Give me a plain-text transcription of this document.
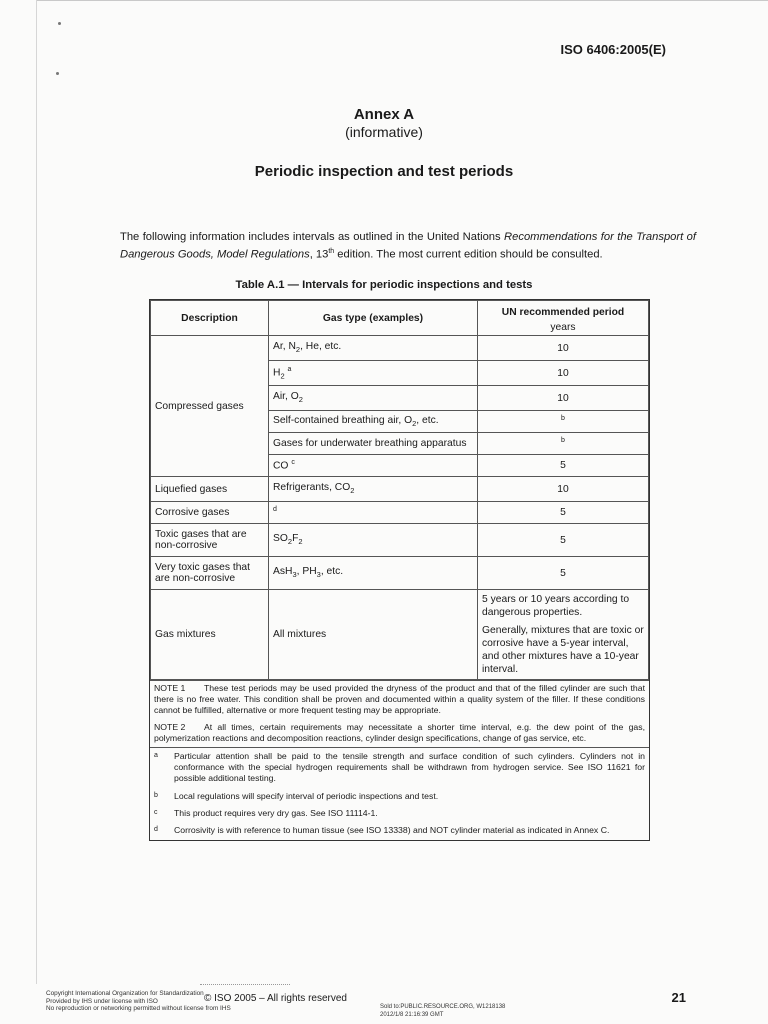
ISO 6406:2005(E)
Annex A
(informative)
Periodic inspection and test periods
The following information includes intervals as outlined in the United Nations Recommendations for the Transport of Dangerous Goods, Model Regulations, 13th edition. The most current edition should be consulted.
Table A.1 — Intervals for periodic inspections and tests
Description	Gas type (examples)	UN recommended period
		years
Compressed gases	Ar, $N_2$, He, etc.	10
	$H_2$ $^a$	10
	Air, $O_2$	10
	Self-contained breathing air, $O_2$, etc.	$^b$
	Gases for underwater breathing apparatus	$^b$
	CO $^c$	5
Liquefied gases	Refrigerants, $CO_2$	10
Corrosive gases	$^d$	5
Toxic gases that are non-corrosive	$SO_2F_2$	5
Very toxic gases that are non-corrosive	AsH$_3$, $PH_3$, etc.	5
Gas mixtures	All mixtures	5 years or 10 years according to dangerous properties.
Generally, mixtures that are toxic or corrosive have a 5-year interval, and other mixtures have a 10-year interval.
NOTE 1 These test periods may be used provided the dryness of the product and that of the filled cylinder are such that there is no free water. This condition shall be proven and documented within a quality system of the filler. If these conditions cannot be fulfilled, alternative or more frequent testing may be appropriate.
NOTE 2 At all times, certain requirements may necessitate a shorter time interval, e.g. the dew point of the gas, polymerization reactions and decomposition reactions, cylinder design specifications, change of gas service, etc.
a	Particular attention shall be paid to the tensile strength and surface condition of such cylinders. Cylinders not in conformance with the special hydrogen requirements shall be withdrawn from hydrogen service. See ISO 11621 for possible additional testing.
b	Local regulations will specify interval of periodic inspections and test.
c	This product requires very dry gas. See ISO 11114-1.
d	Corrosivity is with reference to human tissue (see ISO 13338) and NOT cylinder material as indicated in Annex C.
Copyright International Organization for Standardization
Provided by IHS under license with ISO
No reproduction or networking permitted without license from IHS
© ISO 2005 – All rights reserved
Sold to:PUBLIC.RESOURCE.ORG, W1218138
2012/1/8 21:16:39 GMT
21
